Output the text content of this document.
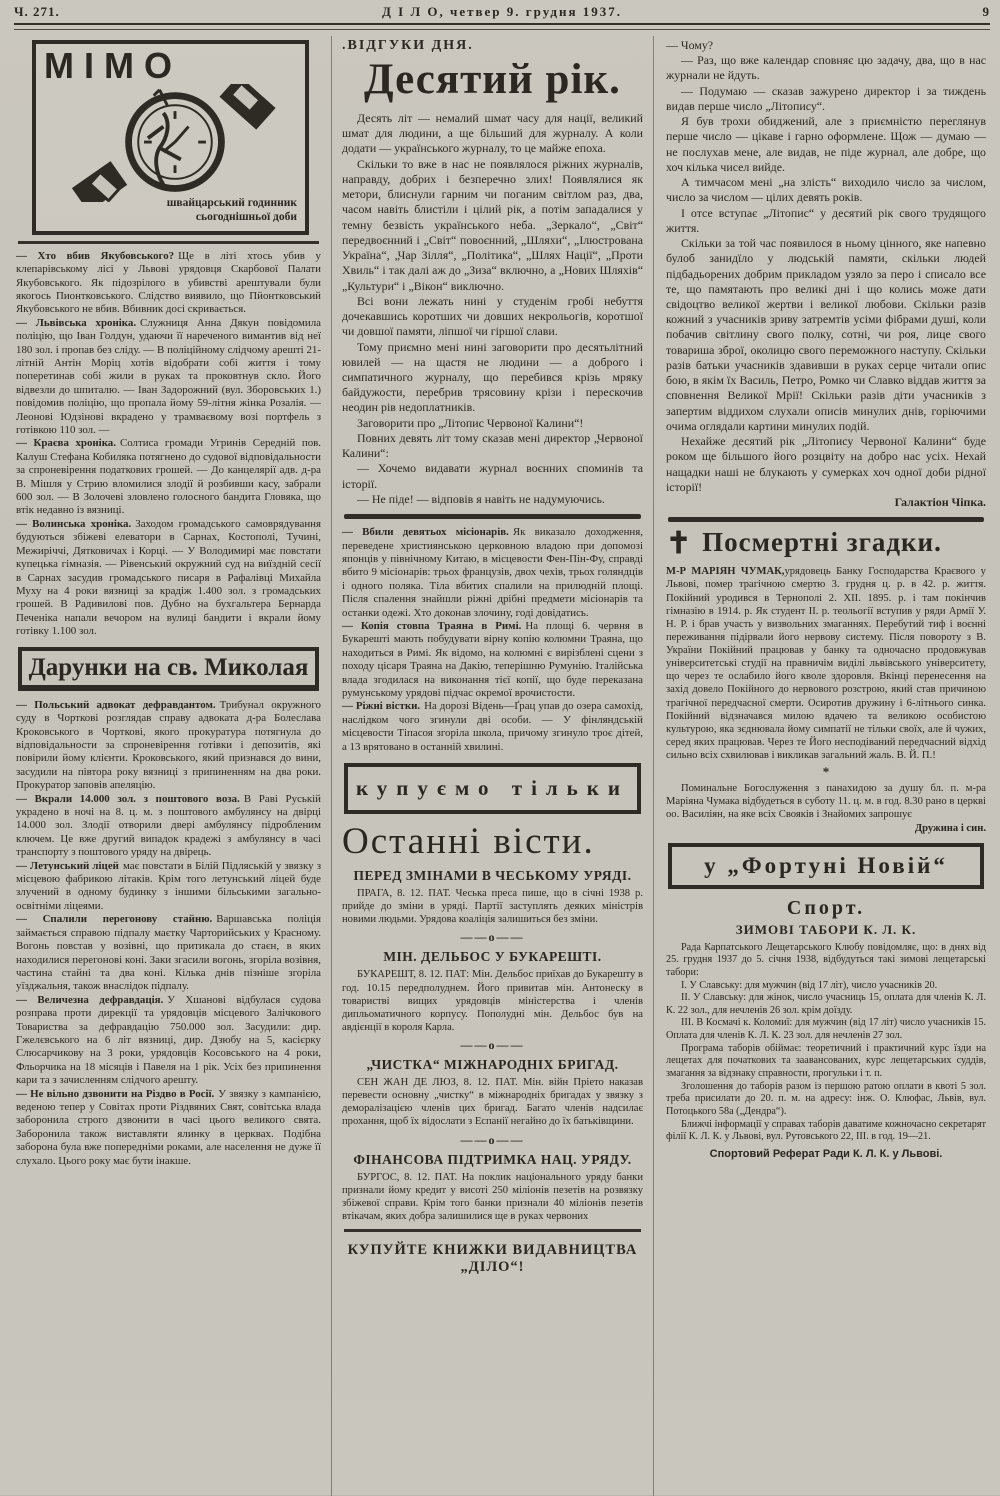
Ч. 271.	Д І Л О, четвер 9. грудня 1937.	9
MIMO
швайцарський годинник
сьогоднішньої доби

— Хто вбив Якубовського? Ще в літі хтось убив у клепарівському лісі у Львові урядовця Скарбової Палати Якубовського. Як підозрілого в убивстві арештували були якогось Пионтковського. Слідство виявило, що Пйонтковський Якубовського не вбив. Вбивник досі скривається.

— Львівська хроніка. Служниця Анна Дякун повідомила поліцію, що Іван Голдун, удаючи її нареченого вимантив від неї 180 зол. і пропав без сліду. — В поліційному слідчому арешті 21-літній Антін Моріц хотів відобрати собі життя і тому поперетинав собі жили в руках та проковтнув скло. Його відвезли до шпиталю. — Іван Задорожний (вул. Зборовських 1.) повідомив поліцію, що пропала йому 59-літня жінка Розалія. — Леонові Юдзінові вкрадено у трамваєвому возі портфель з готівкою 110 зол. —

— Краєва хроніка. Солтиса громади Угринів Середній пов. Калуш Стефана Кобиляка потягнено до судової відповідальности за спроневірення податкових грошей. — До канцелярії адв. д-ра В. Мішля у Стрию вломилися злодії й розбивши касу, забрали 600 зол. — В Золочеві зловлено голосного бандита Гловяка, що втік недавно із вязниці.

— Волинська хроніка. Заходом громадського самоврядування будуються збіжеві елеватори в Сарнах, Костополі, Тучині, Межиріччі, Дятковичах і Корці. — У Володимирі має повстати купецька гімназія. — Рівенський окружний суд на виїздній сесії в Сарнах засудив громадського писаря в Рафалівці Михайла Муху на 4 роки вязниці за крадіж 1.400 зол. з громадських грошей. В Радивилові пов. Дубно на бухгальтера Бернарда Печеніка напали вечором на вулиці бандити і вкрали йому готівку 1.100 зол.

Дарунки на св. Миколая

— Польський адвокат дефравдантом. Трибунал окружного суду в Чорткові розглядав справу адвоката д-ра Болеслава Кроковського в Чорткові, якого прокуратура потягнула до відповідальности за спроневірення готівки і депозитів, які повірили йому клієнти. Кроковського, який признався до вини, засудили на півтора року вязниці з припиненням на два роки. Прокуратор заповів апеляцію.

— Вкрали 14.000 зол. з поштового воза. В Раві Руській украдено в ночі на 8. ц. м. з поштового амбулянсу на двірці 14.000 зол. Злодії отворили двері амбулянсу підробленим ключем. Це вже другий випадок крадежі з амбулянсу в часі транспорту з поштового уряду на двірець.

— Летунський ліцей має повстати в Білій Підляській у звязку з місцевою фабрикою літаків. Крім того летунський ліцей буде злучений в одному будинку з іншими більськими загально-освітніми ліцеями.

— Спалили перегонову стайню. Варшавська поліція займається справою підпалу маєтку Чарторийських у Красному. Вогонь повстав у возівні, що притикала до стаєн, в яких находилися перегонові коні. Заки згасили вогонь, згоріла возівня, частина стайні та два коні. Кілька днів пізніше згоріла уїзджальня, також внаслідок підпалу.

— Величезна дефравдація. У Хшанові відбулася судова розправа проти дирекції та урядовців місцевого Залічкового Товариства за дефравдацію 750.000 зол. Засудили: дир. Гжелєвського на 6 літ вязниці, дир. Дзюбу на 5, касієрку Слюсарчикову на 3 роки, урядовців Косовського на 4 роки, Фльорчика на 18 місяців і Павеля на 1 рік. Усіх без припинення кари та з зачисленням слідчого арешту.

— Не вільно дзвонити на Різдво в Росії. У звязку з кампанією, веденою тепер у Совітах проти Різдвяних Свят, совітська влада заборонила строго дзвонити в часі цього великого свята. Заборонила також виставляти ялинку в церквах. Подібна заборона була вже попередніми роками, але населення не дуже її слухало. Цього року має бути інакше.

.ВІДГУКИ ДНЯ.
Десятий рік.

Десять літ — немалий шмат часу для нації, великий шмат для людини, а ще більший для журналу. А коли додати — українського журналу, то це майже епоха.

Скільки то вже в нас не появлялося ріжних журналів, направду, добрих і безперечно злих! Появлялися як метори, блиснули гарним чи поганим світлом раз, два, часом навіть блистіли і цілий рік, а потім западалися у темну безвість українського неба. „Зеркало“, „Світ“ передвоєнний і „Світ“ повоєнний, „Шляхи“, „Ілюстрована Україна“, „Чар Зілля“, „Політика“, „Шлях Нації“, „Проти Хвиль“ і так далі аж до „Зиза“ включно, а „Нових Шляхів“ „Культури“ і „Вікон“ виключно.

Всі вони лежать нині у студенім гробі небуття дочекавшись коротших чи довших некрольогів, коротшої чи довшої памяти, ліпшої чи гіршої слави.

Тому приємно мені нині заговорити про десятьлітний ювилей — на щастя не людини — а доброго і симпатичного журналу, що перебився крізь мряку байдужости, перебрив трясовину крізи і перескочив неодин рів недоплатників.

Заговорити про „Літопис Червоної Калини“!

Повних девять літ тому сказав мені директор „Червоної Калини“:

— Хочемо видавати журнал воєнних споминів та історії.

— Не піде! — відповів я навіть не надумуючись.

— Вбили девятьох місіонарів. Як виказало доходження, переведене християнською церковною владою при допомозі японців у північному Китаю, в місцевости Фен-Пін-Фу, справді вбито 9 місіонарів: трьох французів, двох чехів, трьох голяндців і одного поляка. Тіла вбитих спалили на прилюдній площі. Після спалення знайшли ріжні дрібні предмети місіонарів та останки одежі. Хто доконав злочину, годі довідатись.

— Копія стовпа Траяна в Римі. На площі 6. червня в Букарешті мають побудувати вірну копію колюмни Траяна, що находиться в Римі. Як відомо, на колюмні є вирізблені сцени з походу цісаря Траяна на Дакію, теперішню Румунію. Італійська влада згодилася на виконання тієї копії, що буде переказана румунському урядові підчас окремої врочистости.

— Ріжні вістки. На дорозі Відень—Ґрац упав до озера самохід, наслідком чого згинули дві особи. — У фінляндській місцевости Тіпасоя згоріла школа, причому згинуло троє дітей, а 13 врятовано в останній хвилині.

купуємо тільки
Останні вісти.
ПЕРЕД ЗМІНАМИ В ЧЕСЬКОМУ УРЯДІ.

ПРАГА, 8. 12. ПАТ. Чеська преса пише, що в січні 1938 р. прийде до зміни в уряді. Партії заступлять деяких міністрів новими людьми. Урядова коаліція залишиться без зміни.

——о——
МІН. ДЕЛЬБОС У БУКАРЕШТІ.

БУКАРЕШТ, 8. 12. ПАТ: Мін. Дельбос приїхав до Букарешту в год. 10.15 передполуднем. Його привитав мін. Антонеску в товаристві вищих урядовців міністерства і членів дипльоматичного корпусу. Пополудні мін. Дельбос був на авдієнції в короля Карла.

——о——
„ЧИСТКА“ МІЖНАРОДНІХ БРИГАД.

СЕН ЖАН ДЕ ЛЮЗ, 8. 12. ПАТ. Мін. війн Пріето наказав перевести основну „чистку“ в міжнародніх бригадах у звязку з деморалізацією членів цих бригад. Багато членів надсилає прохання, щоб їх відослати з Еспанії негайно до їх батьківщини.

——о——
ФІНАНСОВА ПІДТРИМКА НАЦ. УРЯДУ.

БУРГОС, 8. 12. ПАТ. На поклик національного уряду банки признали йому кредит у висоті 250 міліонів пезетів на розвязку збіжевої справи. Крім того банки признали 40 міліонів пезетів втікачам, яких добра залишилися ще в руках червоних

КУПУЙТЕ КНИЖКИ ВИДАВНИЦТВА „ДІЛО“!

— Чому?

— Раз, що вже календар сповняє цю задачу, два, що в нас журнали не йдуть.

— Подумаю — сказав зажурено директор і за тиждень видав перше число „Літопису“.

Я був трохи обиджений, але з приємністю переглянув перше число — цікаве і гарно оформлене. Щож — думаю — не послухав мене, але видав, не піде журнал, але добре, що хоч кілька чисел вийде.

А тимчасом мені „на злість“ виходило число за числом, число за числом — цілих девять років.

І отсе вступає „Літопис“ у десятий рік свого трудящого життя.

Скільки за той час появилося в ньому цінного, яке напевно булоб занидїло у людській памяти, скільки людей підбадьорених добрим прикладом узяло за перо і списало все те, що памятають про великі дні і що колись може дати свідоцтво великої жертви і великої любови. Скільки разів кожний з учасників зриву затремтів усіми фібрами душі, коли побачив світлину свого полку, сотні, чи роя, лице свого товариша зброї, околицю свого переможного наступу. Скільки разів батьки учасників здавивши в руках серце читали опис бою, в якім їх Василь, Петро, Ромко чи Славко віддав життя за сповнення Великої Мрії! Скільки разів діти учасників з запертим віддихом слухали описів минулих днів, горіючими очима оглядали картини минулих подій.

Нехайже десятий рік „Літопису Червоної Калини“ буде роком ще більшого його розцвіту на добро нас усіх. Нехай нащадки наші не блукають у сумерках хоч одної доби рідної історії!

Галактіон Чіпка.

✝ Посмертні згадки.

М-Р МАРІЯН ЧУМАК,урядовець Банку Господарства Краєвого у Львові, помер трагічною смертю 3. грудня ц. р. в 42. р. життя. Покійний уродився в Тернополі 2. XII. 1895. р. і там покінчив гімназію в 1914. р. Як студент II. р. теольогії вступив у ряди Армії У. Н. Р. і брав участь у визвольних змаганнях. Перебутий тиф і воєнні переживання підірвали його нервову систему. Після повороту з В. України Покійний працював у банку та одночасно продовжував університетські студії на правничім виділі львівського університету, що через те ослабило його кволе здоровля. Вкінці перенесення на захід довело Покійного до нервового розстрою, який став причиною трагічної передчасної смерти. Осиротив дружину і 6-літнього синка. Покійний відзначався милою вдачею та великою особистою культурою, яка зєднювала йому симпатії не тільки своїх, але й чужих, серед яких працював. Через те Його несподіваний передчасний відхід сильно всіх схвилював і викликав загальний жаль. В. Й. П.!

*

Поминальне Богослуження з панахидою за душу бл. п. м-ра Маріяна Чумака відбудеться в суботу 11. ц. м. в год. 8.30 рано в церкві оо. Василіян, на яке всіх Свояків і Знайомих запрошує

Дружина і син.

у „Фортуні Новій“
Спорт.
ЗИМОВІ ТАБОРИ К. Л. К.

Рада Карпатського Лещетарського Клюбу повідомляє, що: в днях від 25. грудня 1937 до 5. січня 1938, відбудуться такі зимові лещетарські табори:

І. У Славську: для мужчин (від 17 літ), число учасників 20.

ІІ. У Славську: для жінок, число учасниць 15, оплата для членів К. Л. К. 22 зол., для нечленів 26 зол. крім доїзду.

ІІІ. В Космачі к. Коломиї: для мужчин (від 17 літ) число учасників 15. Оплата для членів К. Л. К. 23 зол. для нечленів 27 зол.

Програма таборів обіймає: теоретичний і практичний курс їзди на лещетах для початкових та заавансованих, курс лещетарських суддів, змагання за відзнаку справности, прогульки і т. п.

Зголошення до таборів разом із першою ратою оплати в квоті 5 зол. треба присилати до 20. п. м. на адресу: інж. О. Клюфас, Львів, вул. Потоцького 58а („Дендра“).

Ближчі інформації у справах таборів даватиме кожночасно секретарят філії К. Л. К. у Львові, вул. Рутовського 22, III. в год. 19—21.

Спортовий Реферат Ради К. Л. К. у Львові.
